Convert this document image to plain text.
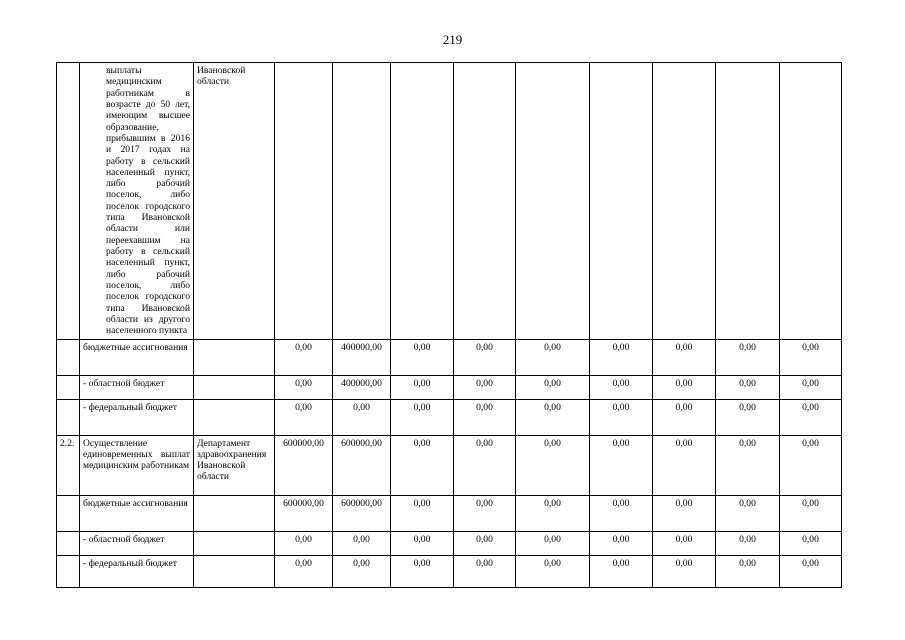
219
	выплаты медицинским работникам в возрасте до 50 лет, имеющим высшее образование, прибывшим в 2016 и 2017 годах на работу в сельский населенный пункт, либо рабочий поселок, либо поселок городского типа Ивановской области или переехавшим на работу в сельский населенный пункт, либо рабочий поселок, либо поселок городского типа Ивановской области из другого населенного пункта	Ивановской области									
	бюджетные ассигнования		0,00	400000,00	0,00	0,00	0,00	0,00	0,00	0,00	0,00
	- областной бюджет		0,00	400000,00	0,00	0,00	0,00	0,00	0,00	0,00	0,00
	- федеральный бюджет		0,00	0,00	0,00	0,00	0,00	0,00	0,00	0,00	0,00
2.2.	Осуществление единовременных выплат медицинским работникам	Департамент здравоохранения Ивановской области	600000,00	600000,00	0,00	0,00	0,00	0,00	0,00	0,00	0,00
	бюджетные ассигнования		600000,00	600000,00	0,00	0,00	0,00	0,00	0,00	0,00	0,00
	- областной бюджет		0,00	0,00	0,00	0,00	0,00	0,00	0,00	0,00	0,00
	- федеральный бюджет		0,00	0,00	0,00	0,00	0,00	0,00	0,00	0,00	0,00
